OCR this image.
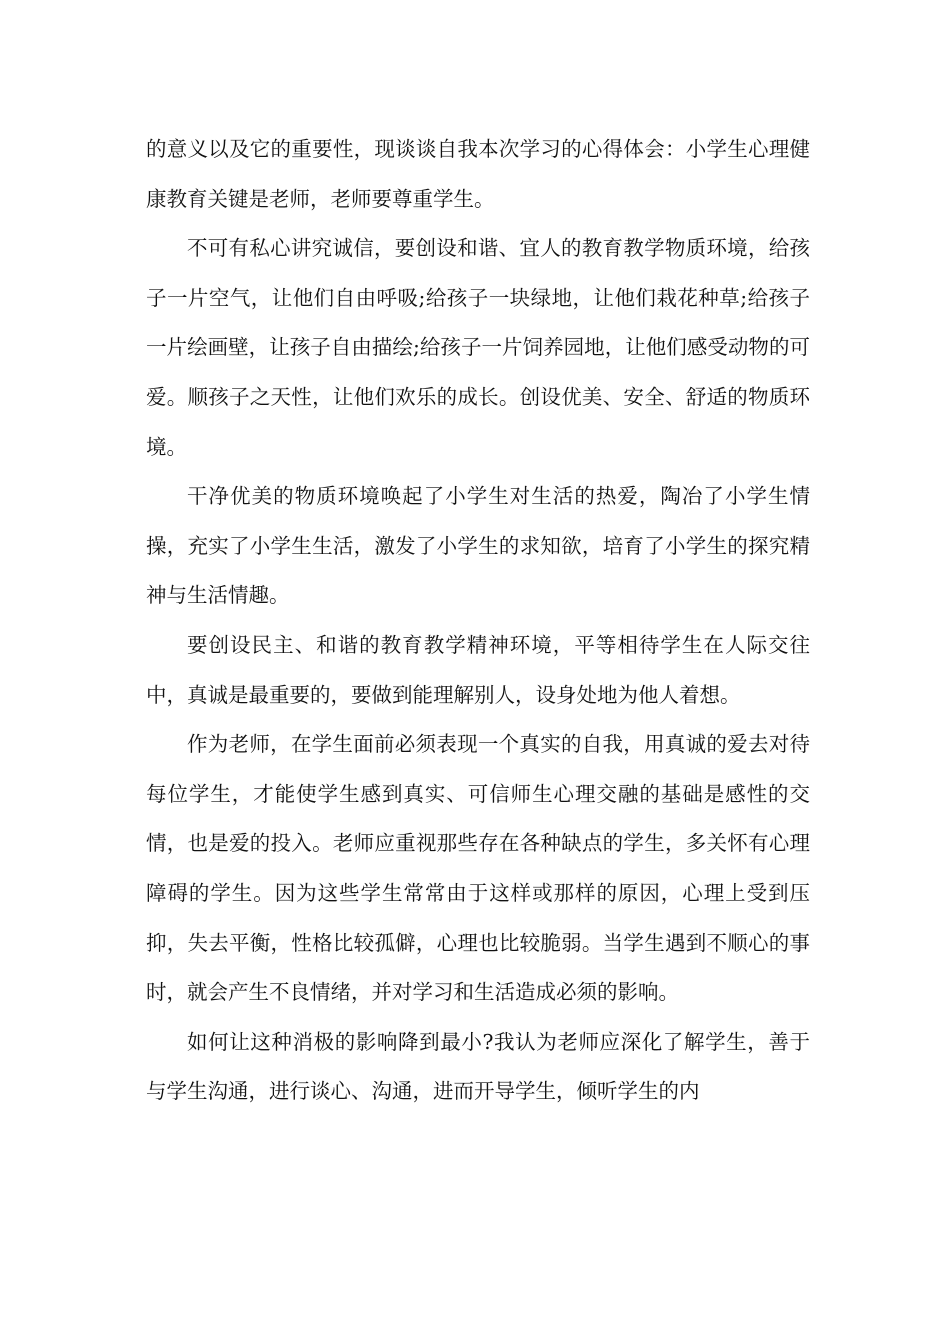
的意义以及它的重要性，现谈谈自我本次学习的心得体会：小学生心理健康教育关键是老师，老师要尊重学生。

不可有私心讲究诚信，要创设和谐、宜人的教育教学物质环境，给孩子一片空气，让他们自由呼吸;给孩子一块绿地，让他们栽花种草;给孩子一片绘画壁，让孩子自由描绘;给孩子一片饲养园地，让他们感受动物的可爱。顺孩子之天性，让他们欢乐的成长。创设优美、安全、舒适的物质环境。

干净优美的物质环境唤起了小学生对生活的热爱，陶冶了小学生情操，充实了小学生生活，激发了小学生的求知欲，培育了小学生的探究精神与生活情趣。

要创设民主、和谐的教育教学精神环境，平等相待学生在人际交往中，真诚是最重要的，要做到能理解别人，设身处地为他人着想。

作为老师，在学生面前必须表现一个真实的自我，用真诚的爱去对待每位学生，才能使学生感到真实、可信师生心理交融的基础是感性的交情，也是爱的投入。老师应重视那些存在各种缺点的学生，多关怀有心理障碍的学生。因为这些学生常常由于这样或那样的原因，心理上受到压抑，失去平衡，性格比较孤僻，心理也比较脆弱。当学生遇到不顺心的事时，就会产生不良情绪，并对学习和生活造成必须的影响。

如何让这种消极的影响降到最小?我认为老师应深化了解学生，善于与学生沟通，进行谈心、沟通，进而开导学生，倾听学生的内
